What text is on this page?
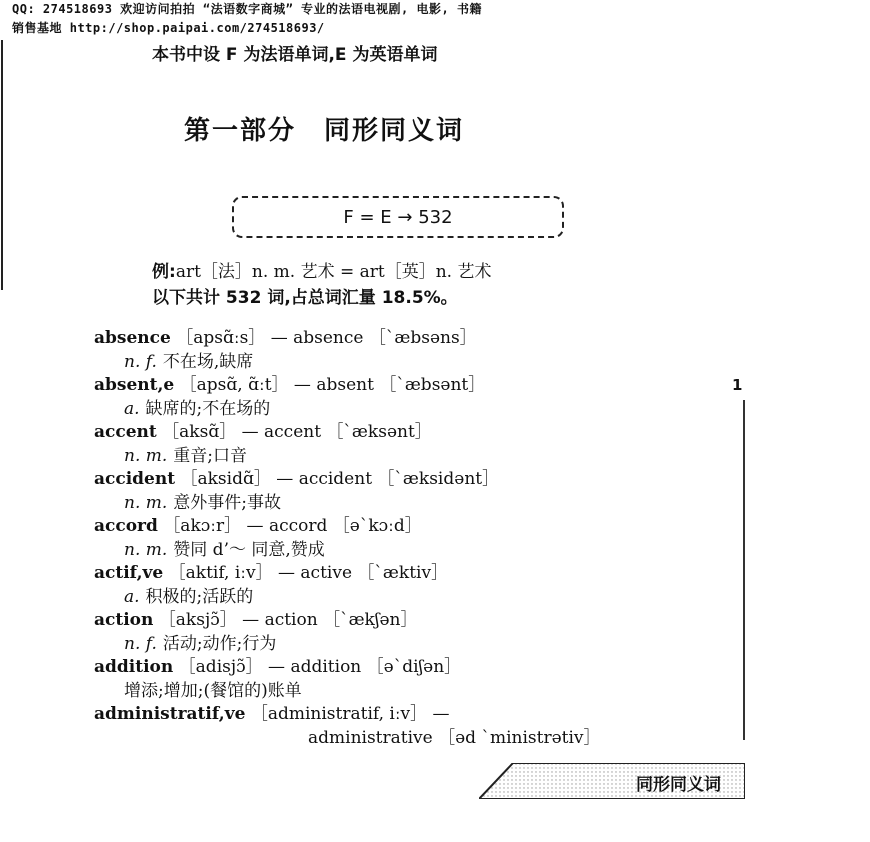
QQ: 274518693 欢迎访问拍拍 “法语数字商城” 专业的法语电视剧, 电影, 书籍
销售基地 http://shop.paipai.com/274518693/
本书中设 F 为法语单词,E 为英语单词
第一部分　同形同义词
F = E → 532
例:art［法］n. m. 艺术 = art［英］n. 艺术
以下共计 532 词,占总词汇量 18.5%。
absence ［apsɑ̃ːs］ — absence ［`æbsəns］
n. f. 不在场,缺席
absent,e ［apsɑ̃, ɑ̃ːt］ — absent ［`æbsənt］
a. 缺席的;不在场的
accent ［aksɑ̃］ — accent ［`æksənt］
n. m. 重音;口音
accident ［aksidɑ̃］ — accident ［`æksidənt］
n. m. 意外事件;事故
accord ［akɔːr］ — accord ［ə`kɔːd］
n. m. 赞同 d’～ 同意,赞成
actif,ve ［aktif, iːv］ — active ［`æktiv］
a. 积极的;活跃的
action ［aksjɔ̃］ — action ［`ækʃən］
n. f. 活动;动作;行为
addition ［adisjɔ̃］ — addition ［ə`diʃən］
增添;增加;(餐馆的)账单
administratif,ve ［administratif, iːv］ —
administrative ［əd `ministrətiv］
1
同形同义词
